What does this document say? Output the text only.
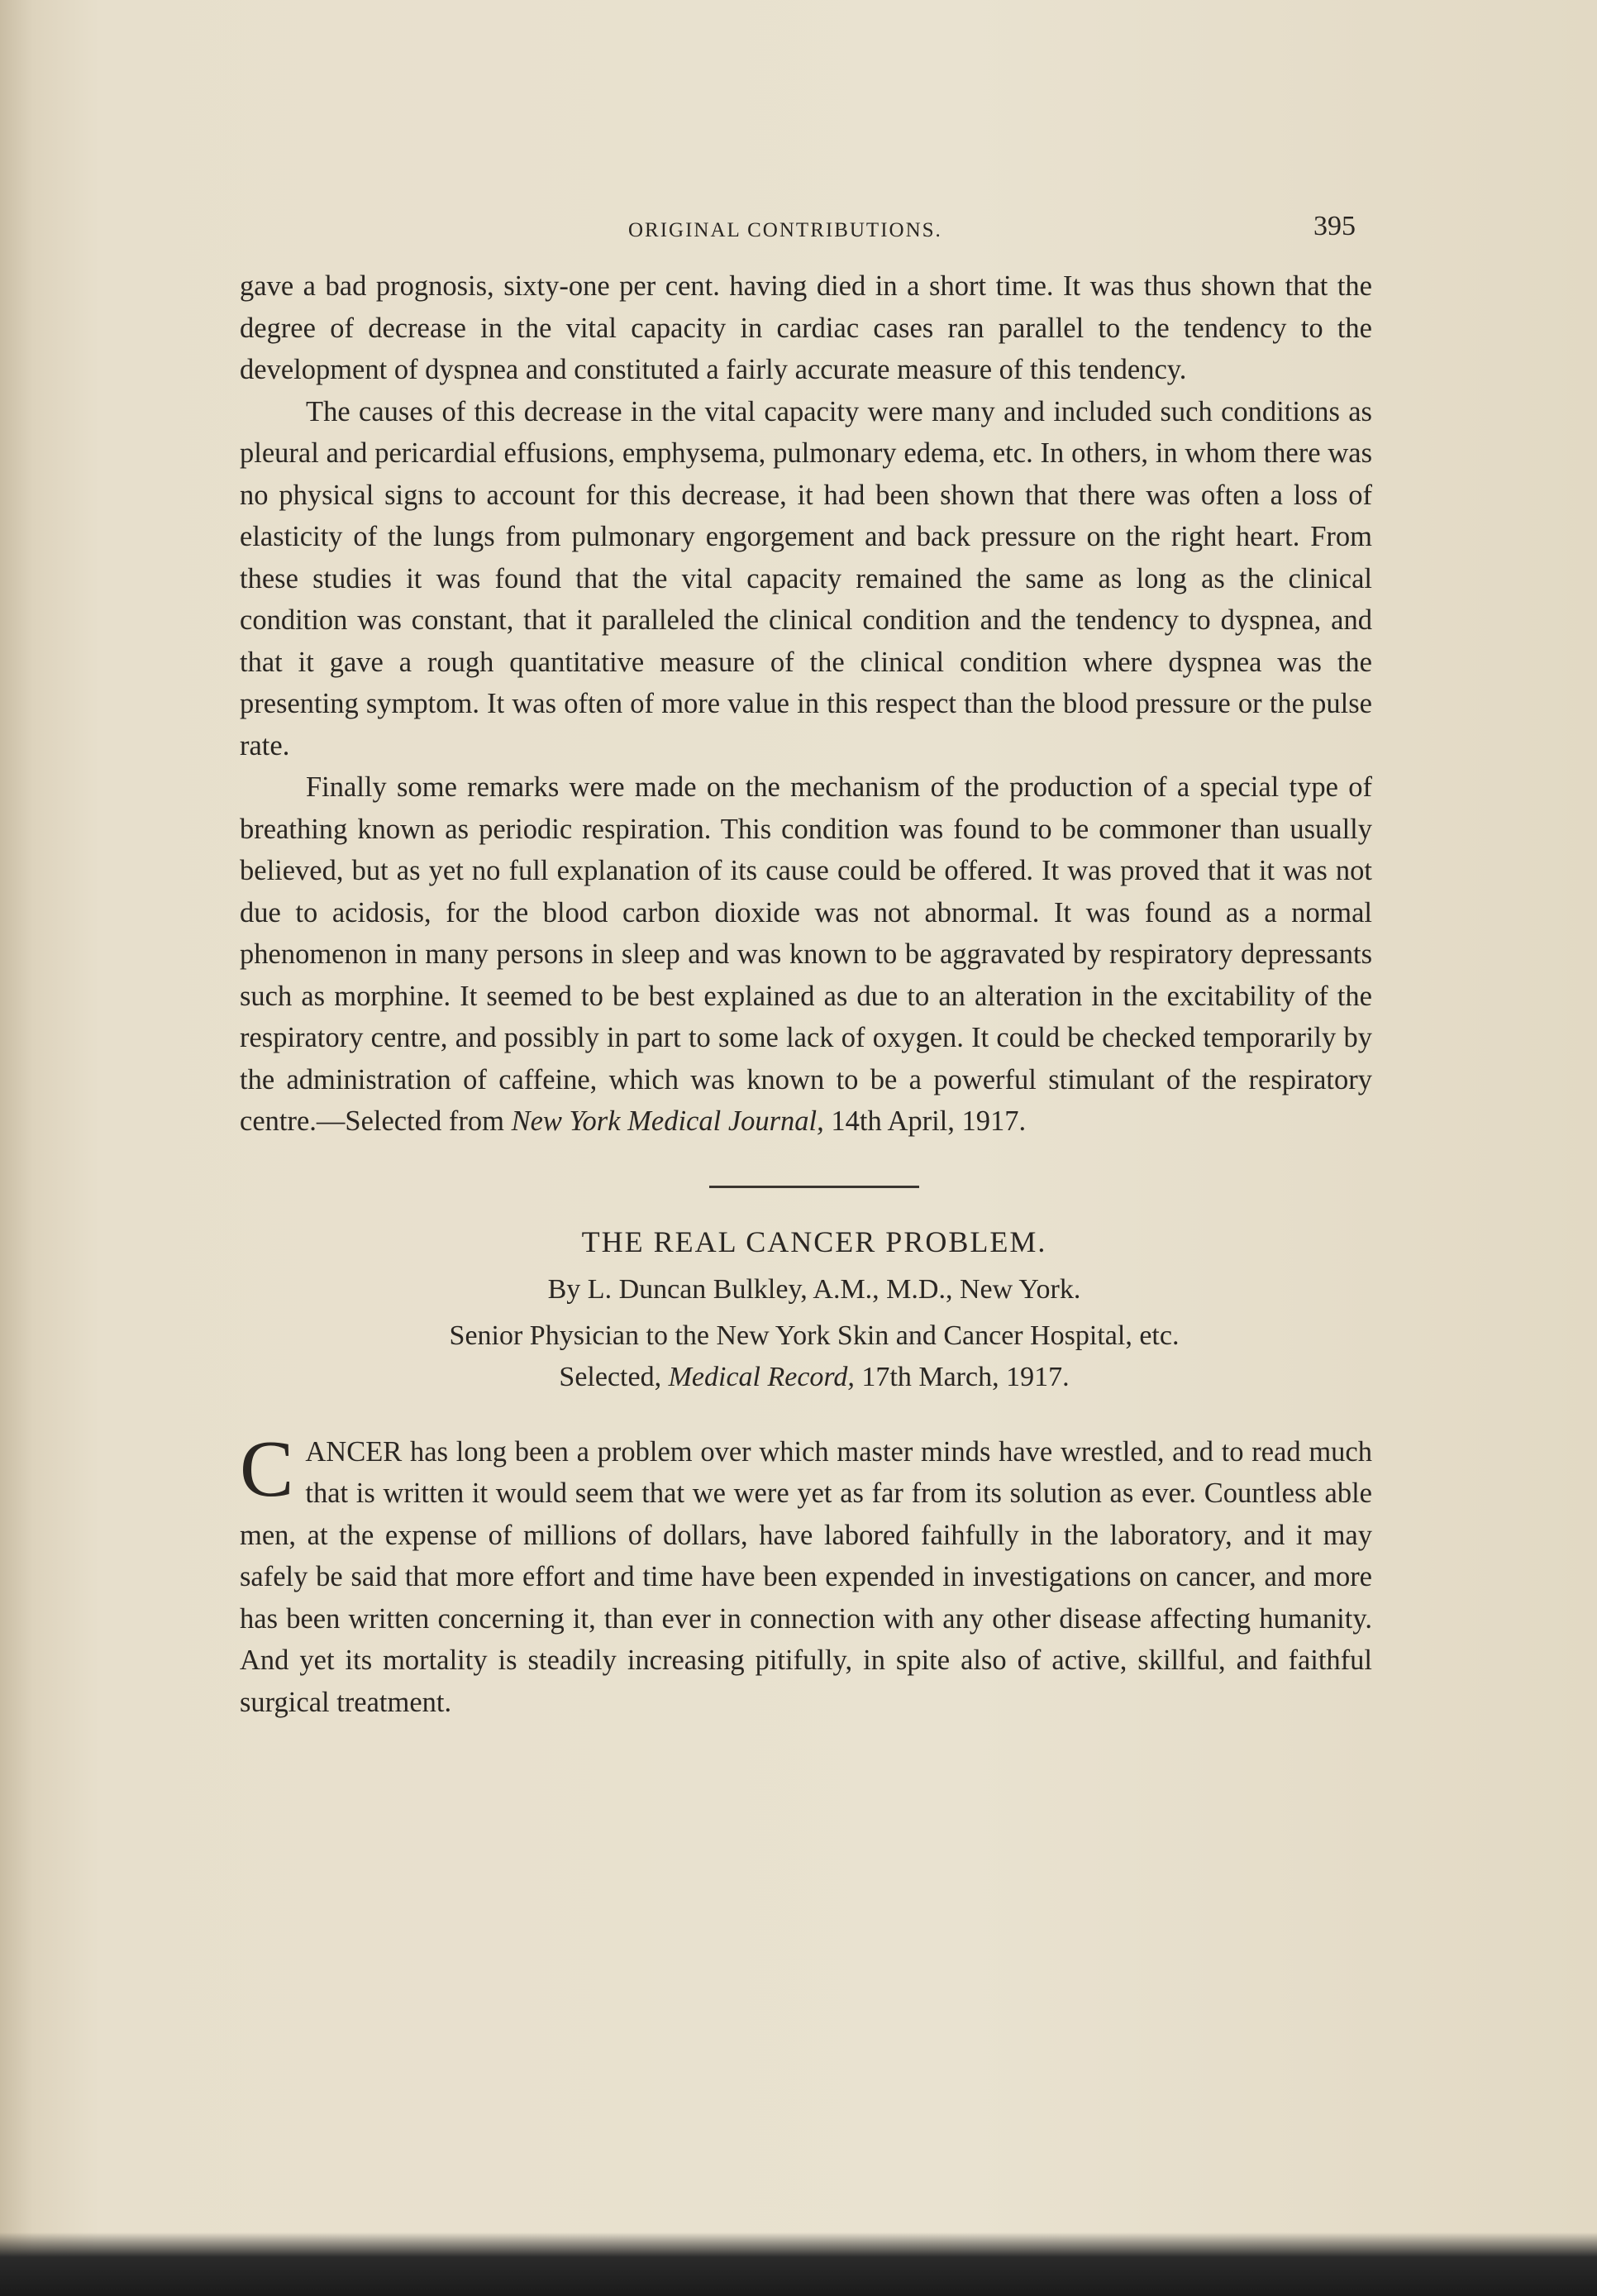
ORIGINAL CONTRIBUTIONS.	395

gave a bad prognosis, sixty-one per cent. having died in a short time. It was thus shown that the degree of decrease in the vital capacity in cardiac cases ran parallel to the tendency to the development of dyspnea and constituted a fairly accurate measure of this tendency.

The causes of this decrease in the vital capacity were many and included such conditions as pleural and pericardial effusions, emphysema, pulmonary edema, etc. In others, in whom there was no physical signs to account for this decrease, it had been shown that there was often a loss of elasticity of the lungs from pulmonary engorgement and back pressure on the right heart. From these studies it was found that the vital capacity remained the same as long as the clinical condition was constant, that it paralleled the clinical condition and the tendency to dyspnea, and that it gave a rough quantitative measure of the clinical condition where dyspnea was the presenting symptom. It was often of more value in this respect than the blood pressure or the pulse rate.

Finally some remarks were made on the mechanism of the production of a special type of breathing known as periodic respiration. This condition was found to be commoner than usually believed, but as yet no full explanation of its cause could be offered. It was proved that it was not due to acidosis, for the blood carbon dioxide was not abnormal. It was found as a normal phenomenon in many persons in sleep and was known to be aggravated by respiratory depressants such as morphine. It seemed to be best explained as due to an alteration in the excitability of the respiratory centre, and possibly in part to some lack of oxygen. It could be checked temporarily by the administration of caffeine, which was known to be a powerful stimulant of the respiratory centre.—Selected from New York Medical Journal, 14th April, 1917.

THE REAL CANCER PROBLEM.

By L. Duncan Bulkley, A.M., M.D., New York.

Senior Physician to the New York Skin and Cancer Hospital, etc.

Selected, Medical Record, 17th March, 1917.

C ANCER has long been a problem over which master minds have wrestled, and to read much that is written it would seem that we were yet as far from its solution as ever. Countless able men, at the expense of millions of dollars, have labored faihfully in the laboratory, and it may safely be said that more effort and time have been expended in investigations on cancer, and more has been written concerning it, than ever in connection with any other disease affecting humanity. And yet its mortality is steadily increasing pitifully, in spite also of active, skillful, and faithful surgical treatment.
